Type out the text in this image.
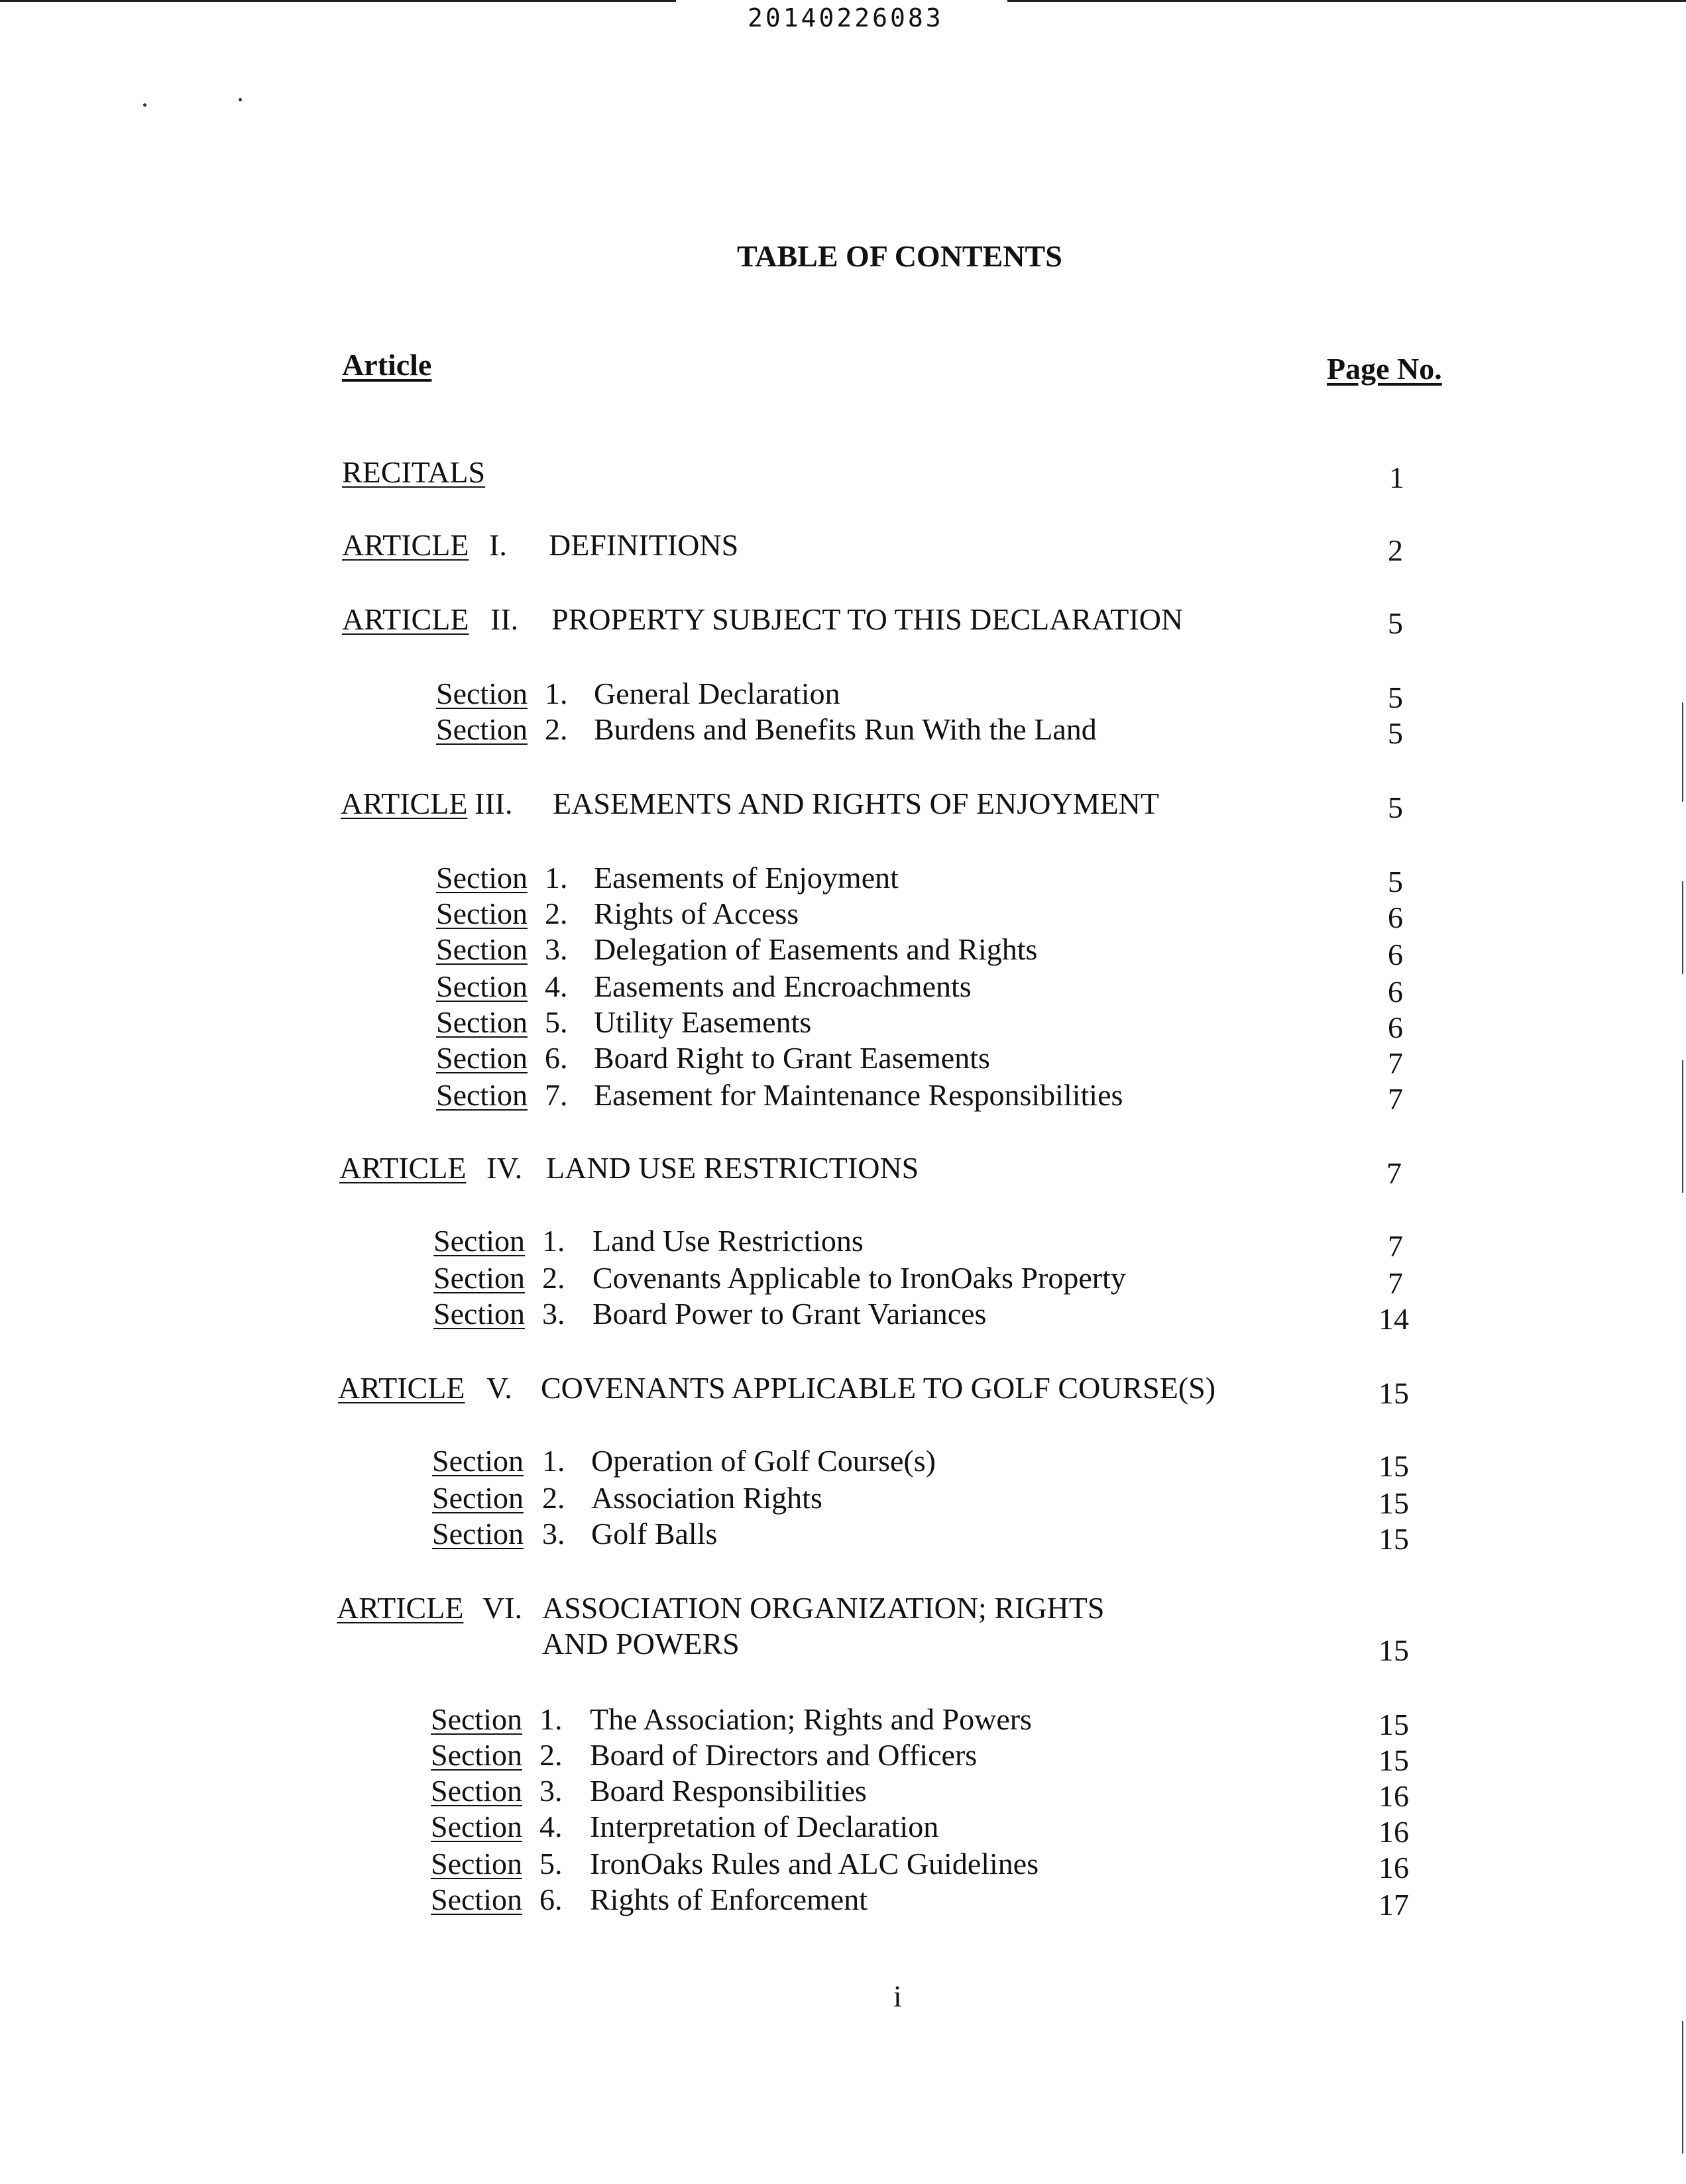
20140226083
TABLE OF CONTENTS
Article	Page No.
RECITALS	1
ARTICLE I. DEFINITIONS	2
ARTICLE II. PROPERTY SUBJECT TO THIS DECLARATION	5
Section 1. General Declaration	5
Section 2. Burdens and Benefits Run With the Land	5
ARTICLE III. EASEMENTS AND RIGHTS OF ENJOYMENT	5
Section 1. Easements of Enjoyment	5
Section 2. Rights of Access	6
Section 3. Delegation of Easements and Rights	6
Section 4. Easements and Encroachments	6
Section 5. Utility Easements	6
Section 6. Board Right to Grant Easements	7
Section 7. Easement for Maintenance Responsibilities	7
ARTICLE IV. LAND USE RESTRICTIONS	7
Section 1. Land Use Restrictions	7
Section 2. Covenants Applicable to IronOaks Property	7
Section 3. Board Power to Grant Variances	14
ARTICLE V. COVENANTS APPLICABLE TO GOLF COURSE(S)	15
Section 1. Operation of Golf Course(s)	15
Section 2. Association Rights	15
Section 3. Golf Balls	15
ARTICLE VI. ASSOCIATION ORGANIZATION; RIGHTS
AND POWERS	15
Section 1. The Association; Rights and Powers	15
Section 2. Board of Directors and Officers	15
Section 3. Board Responsibilities	16
Section 4. Interpretation of Declaration	16
Section 5. IronOaks Rules and ALC Guidelines	16
Section 6. Rights of Enforcement	17
i
